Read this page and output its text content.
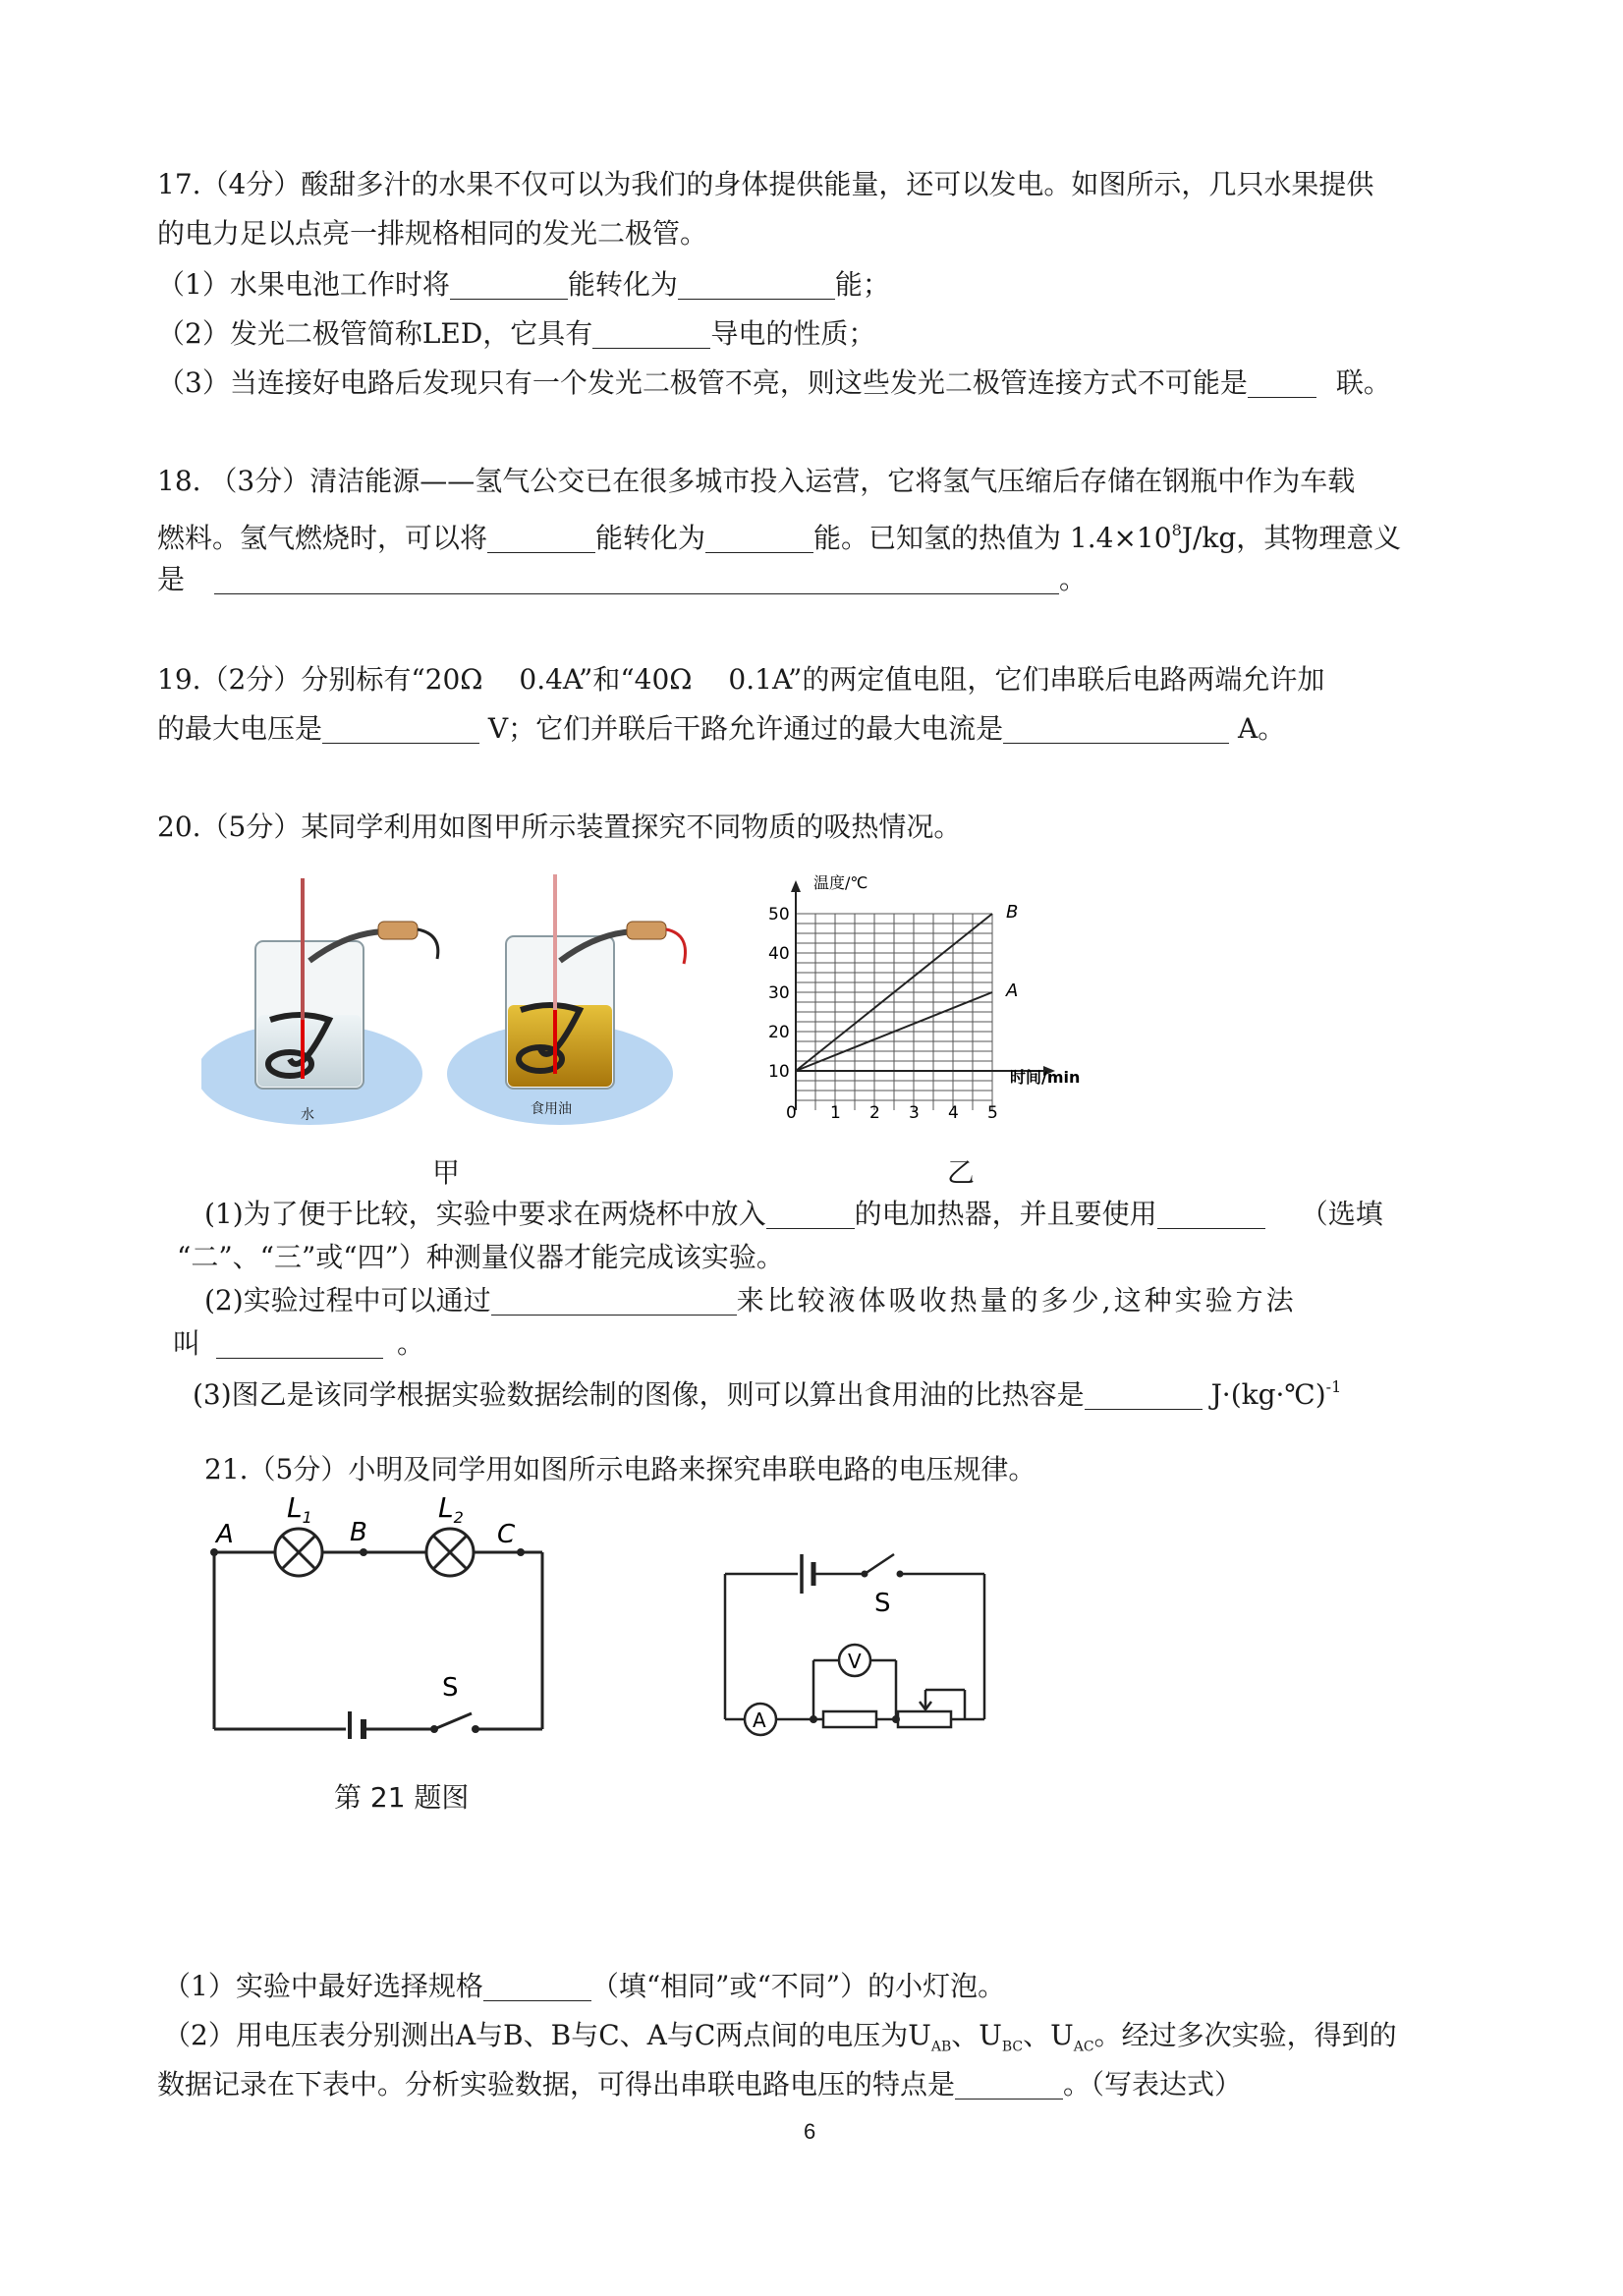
17.（4分）酸甜多汁的水果不仅可以为我们的身体提供能量，还可以发电。如图所示，几只水果提供
的电力足以点亮一排规格相同的发光二极管。
（1）水果电池工作时将	能转化为	能；
（2）发光二极管简称LED，它具有	导电的性质；
（3）当连接好电路后发现只有一个发光二极管不亮，则这些发光二极管连接方式不可能是	联。
18. （3分）清洁能源——氢气公交已在很多城市投入运营，它将氢气压缩后存储在钢瓶中作为车载
燃料。氢气燃烧时，可以将	能转化为	能。已知氢的热值为 $1.4\times 10^8J/kg$，其物理意义
是	。
19.（2分）分别标有“20Ω　 0.4A”和“40Ω　 0.1A”的两定值电阻，它们串联后电路两端允许加
的最大电压是	V；它们并联后干路允许通过的最大电流是	A。
20.（5分）某同学利用如图甲所示装置探究不同物质的吸热情况。
水	食用油
10
20
30
40
50
0 1 2 3 4 5
B
A
温度/℃
时间/min
甲	乙
(1)为了便于比较，实验中要求在两烧杯中放入	的电加热器，并且要使用	（选填
“二”、“三”或“四”）种测量仪器才能完成该实验。
(2)实验过程中可以通过	来比较液体吸收热量的多少,这种实验方法
叫	。
(3)图乙是该同学根据实验数据绘制的图像，则可以算出食用油的比热容是	J·(kg·℃)$^{-1}$
21.（5分）小明及同学用如图所示电路来探究串联电路的电压规律。
A	B	C
$L_1$	$L_2$
S
S
V
A
第 21 题图
（1）实验中最好选择规格	（填“相同”或“不同”）的小灯泡。
（2）用电压表分别测出A与B、B与C、A与C两点间的电压为$U_{AB}$、$U_{BC}$、$U_{AC}$。经过多次实验，得到的
数据记录在下表中。分析实验数据，可得出串联电路电压的特点是	。（写表达式）
6
